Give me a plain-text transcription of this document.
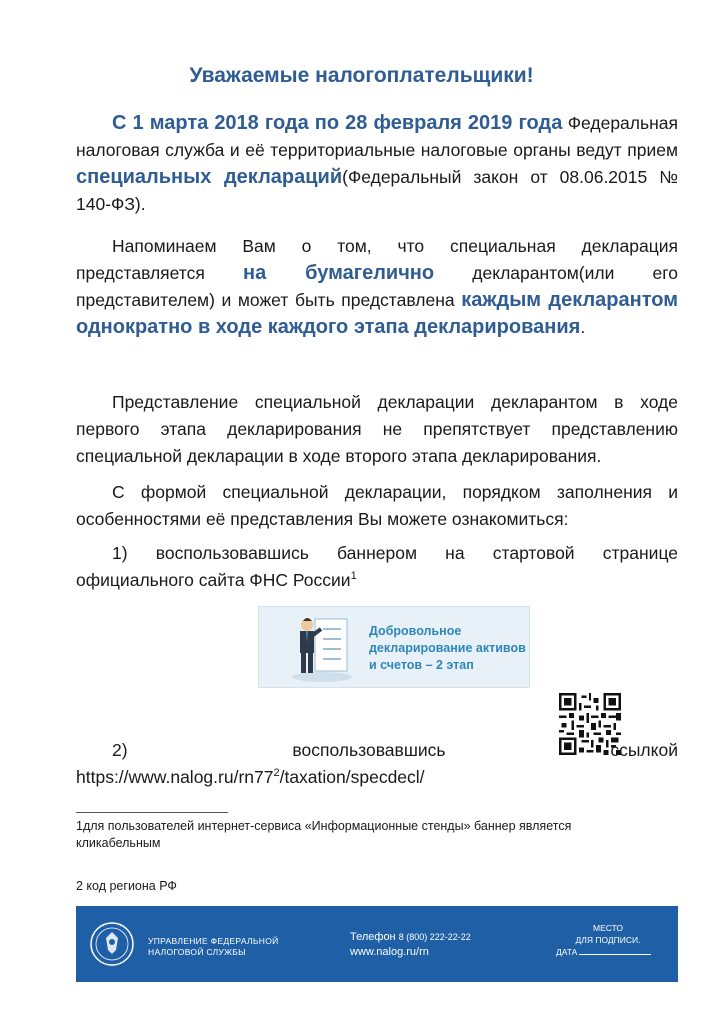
Уважаемые налогоплательщики!
С 1 марта 2018 года по 28 февраля 2019 года Федеральная налоговая служба и её территориальные налоговые органы ведут прием специальных деклараций(Федеральный закон от 08.06.2015 № 140-ФЗ).
Напоминаем Вам о том, что специальная декларация представляется на бумагелично декларантом(или его представителем) и может быть представлена каждым декларантом однократно в ходе каждого этапа декларирования.
Представление специальной декларации декларантом в ходе первого этапа декларирования не препятствует представлению специальной декларации в ходе второго этапа декларирования.
С формой специальной декларации, порядком заполнения и особенностями её представления Вы можете ознакомиться:
1) воспользовавшись баннером на стартовой странице официального сайта ФНС России$^1$
Добровольное
декларирование активов
и счетов – 2 этап
2) воспользовавшись ссылкой $https://www.nalog.ru/rn77^2/taxation/specdecl/$
1для пользователей интернет-сервиса «Информационные стенды» баннер является кликабельным
2 код региона РФ
УПРАВЛЕНИЕ ФЕДЕРАЛЬНОЙ
НАЛОГОВОЙ СЛУЖБЫ
Телефон 8 (800) 222-22-22
www.nalog.ru/rn
МЕСТО
ДЛЯ ПОДПИСИ.
ДАТА
